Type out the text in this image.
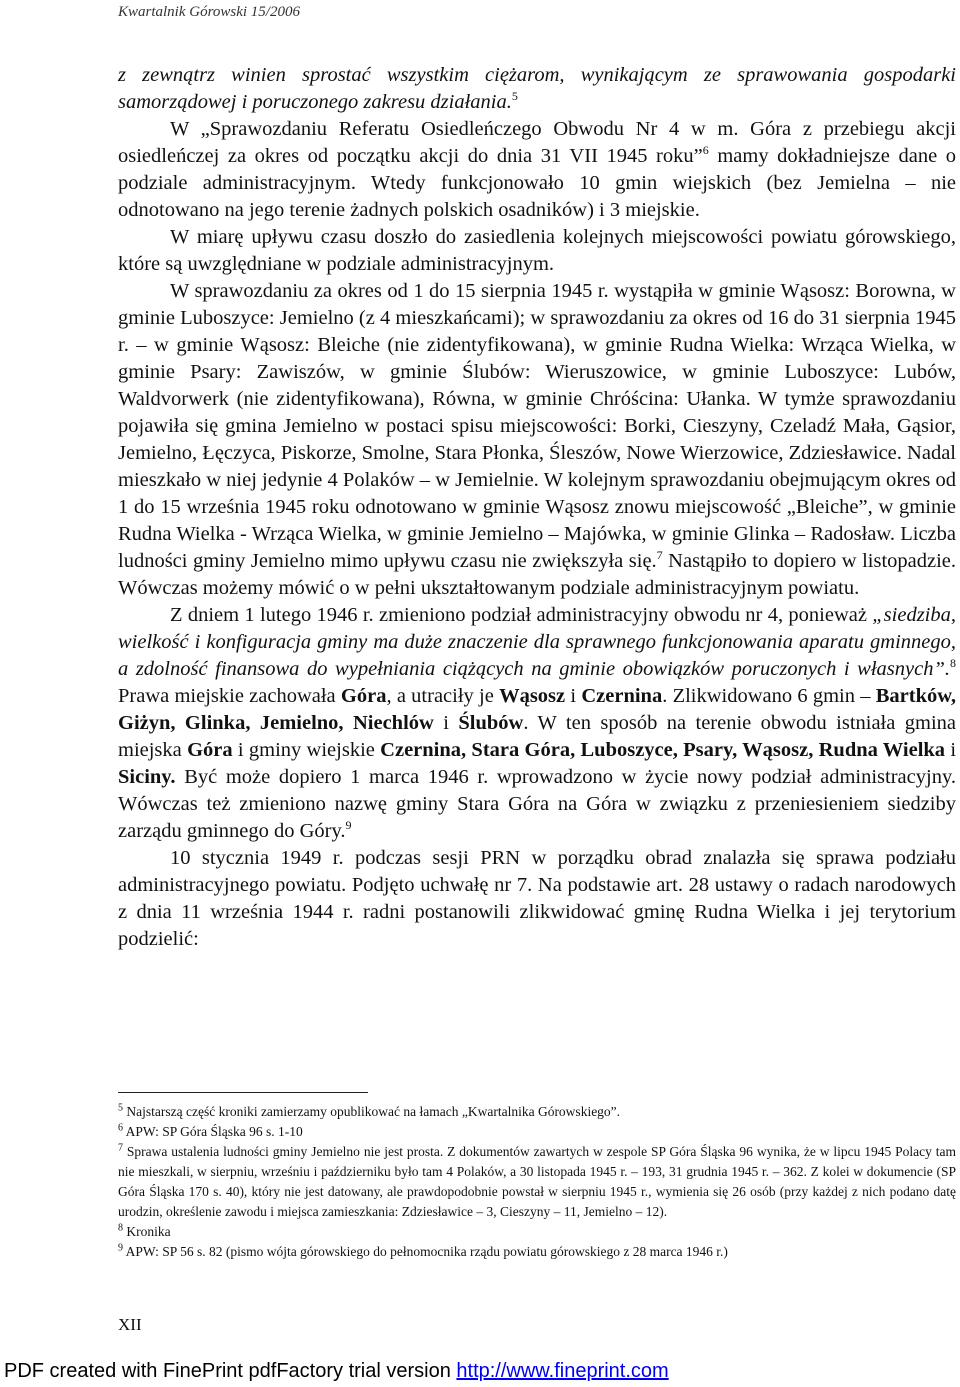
Kwartalnik Górowski 15/2006

z zewnątrz winien sprostać wszystkim ciężarom, wynikającym ze sprawowania gospodarki samorządowej i poruczonego zakresu działania.$^5$

W „Sprawozdaniu Referatu Osiedleńczego Obwodu Nr 4 w m. Góra z przebiegu akcji osiedleńczej za okres od początku akcji do dnia 31 VII 1945 roku”$^6$ mamy dokładniejsze dane o podziale administracyjnym. Wtedy funkcjonowało 10 gmin wiejskich (bez Jemielna – nie odnotowano na jego terenie żadnych polskich osadników) i 3 miejskie.

W miarę upływu czasu doszło do zasiedlenia kolejnych miejscowości powiatu górowskiego, które są uwzględniane w podziale administracyjnym.

W sprawozdaniu za okres od 1 do 15 sierpnia 1945 r. wystąpiła w gminie Wąsosz: Borowna, w gminie Luboszyce: Jemielno (z 4 mieszkańcami); w sprawozdaniu za okres od 16 do 31 sierpnia 1945 r. – w gminie Wąsosz: Bleiche (nie zidentyfikowana), w gminie Rudna Wielka: Wrząca Wielka, w gminie Psary: Zawiszów, w gminie Ślubów: Wieruszowice, w gminie Luboszyce: Lubów, Waldvorwerk (nie zidentyfikowana), Równa, w gminie Chróścina: Ułanka. W tymże sprawozdaniu pojawiła się gmina Jemielno w postaci spisu miejscowości: Borki, Cieszyny, Czeladź Mała, Gąsior, Jemielno, Łęczyca, Piskorze, Smolne, Stara Płonka, Śleszów, Nowe Wierzowice, Zdziesławice. Nadal mieszkało w niej jedynie 4 Polaków – w Jemielnie. W kolejnym sprawozdaniu obejmującym okres od 1 do 15 września 1945 roku odnotowano w gminie Wąsosz znowu miejscowość „Bleiche”, w gminie Rudna Wielka - Wrząca Wielka, w gminie Jemielno – Majówka, w gminie Glinka – Radosław. Liczba ludności gminy Jemielno mimo upływu czasu nie zwiększyła się.$^7$ Nastąpiło to dopiero w listopadzie. Wówczas możemy mówić o w pełni ukształtowanym podziale administracyjnym powiatu.

Z dniem 1 lutego 1946 r. zmieniono podział administracyjny obwodu nr 4, ponieważ „siedziba, wielkość i konfiguracja gminy ma duże znaczenie dla sprawnego funkcjonowania aparatu gminnego, a zdolność finansowa do wypełniania ciążących na gminie obowiązków poruczonych i własnych”.$^8$ Prawa miejskie zachowała Góra, a utraciły je Wąsosz i Czernina. Zlikwidowano 6 gmin – Bartków, Giżyn, Glinka, Jemielno, Niechlów i Ślubów. W ten sposób na terenie obwodu istniała gmina miejska Góra i gminy wiejskie Czernina, Stara Góra, Luboszyce, Psary, Wąsosz, Rudna Wielka i Siciny. Być może dopiero 1 marca 1946 r. wprowadzono w życie nowy podział administracyjny. Wówczas też zmieniono nazwę gminy Stara Góra na Góra w związku z przeniesieniem siedziby zarządu gminnego do Góry.$^9$

10 stycznia 1949 r. podczas sesji PRN w porządku obrad znalazła się sprawa podziału administracyjnego powiatu. Podjęto uchwałę nr 7. Na podstawie art. 28 ustawy o radach narodowych z dnia 11 września 1944 r. radni postanowili zlikwidować gminę Rudna Wielka i jej terytorium podzielić:

$^5$ Najstarszą część kroniki zamierzamy opublikować na łamach „Kwartalnika Górowskiego”.

$^6$ APW: SP Góra Śląska 96 s. 1-10

$^7$ Sprawa ustalenia ludności gminy Jemielno nie jest prosta. Z dokumentów zawartych w zespole SP Góra Śląska 96 wynika, że w lipcu 1945 Polacy tam nie mieszkali, w sierpniu, wrześniu i październiku było tam 4 Polaków, a 30 listopada 1945 r. – 193, 31 grudnia 1945 r. – 362. Z kolei w dokumencie (SP Góra Śląska 170 s. 40), który nie jest datowany, ale prawdopodobnie powstał w sierpniu 1945 r., wymienia się 26 osób (przy każdej z nich podano datę urodzin, określenie zawodu i miejsca zamieszkania: Zdziesławice – 3, Cieszyny – 11, Jemielno – 12).

$^8$ Kronika

$^9$ APW: SP 56 s. 82 (pismo wójta górowskiego do pełnomocnika rządu powiatu górowskiego z 28 marca 1946 r.)

XII
PDF created with FinePrint pdfFactory trial version http://www.fineprint.com
